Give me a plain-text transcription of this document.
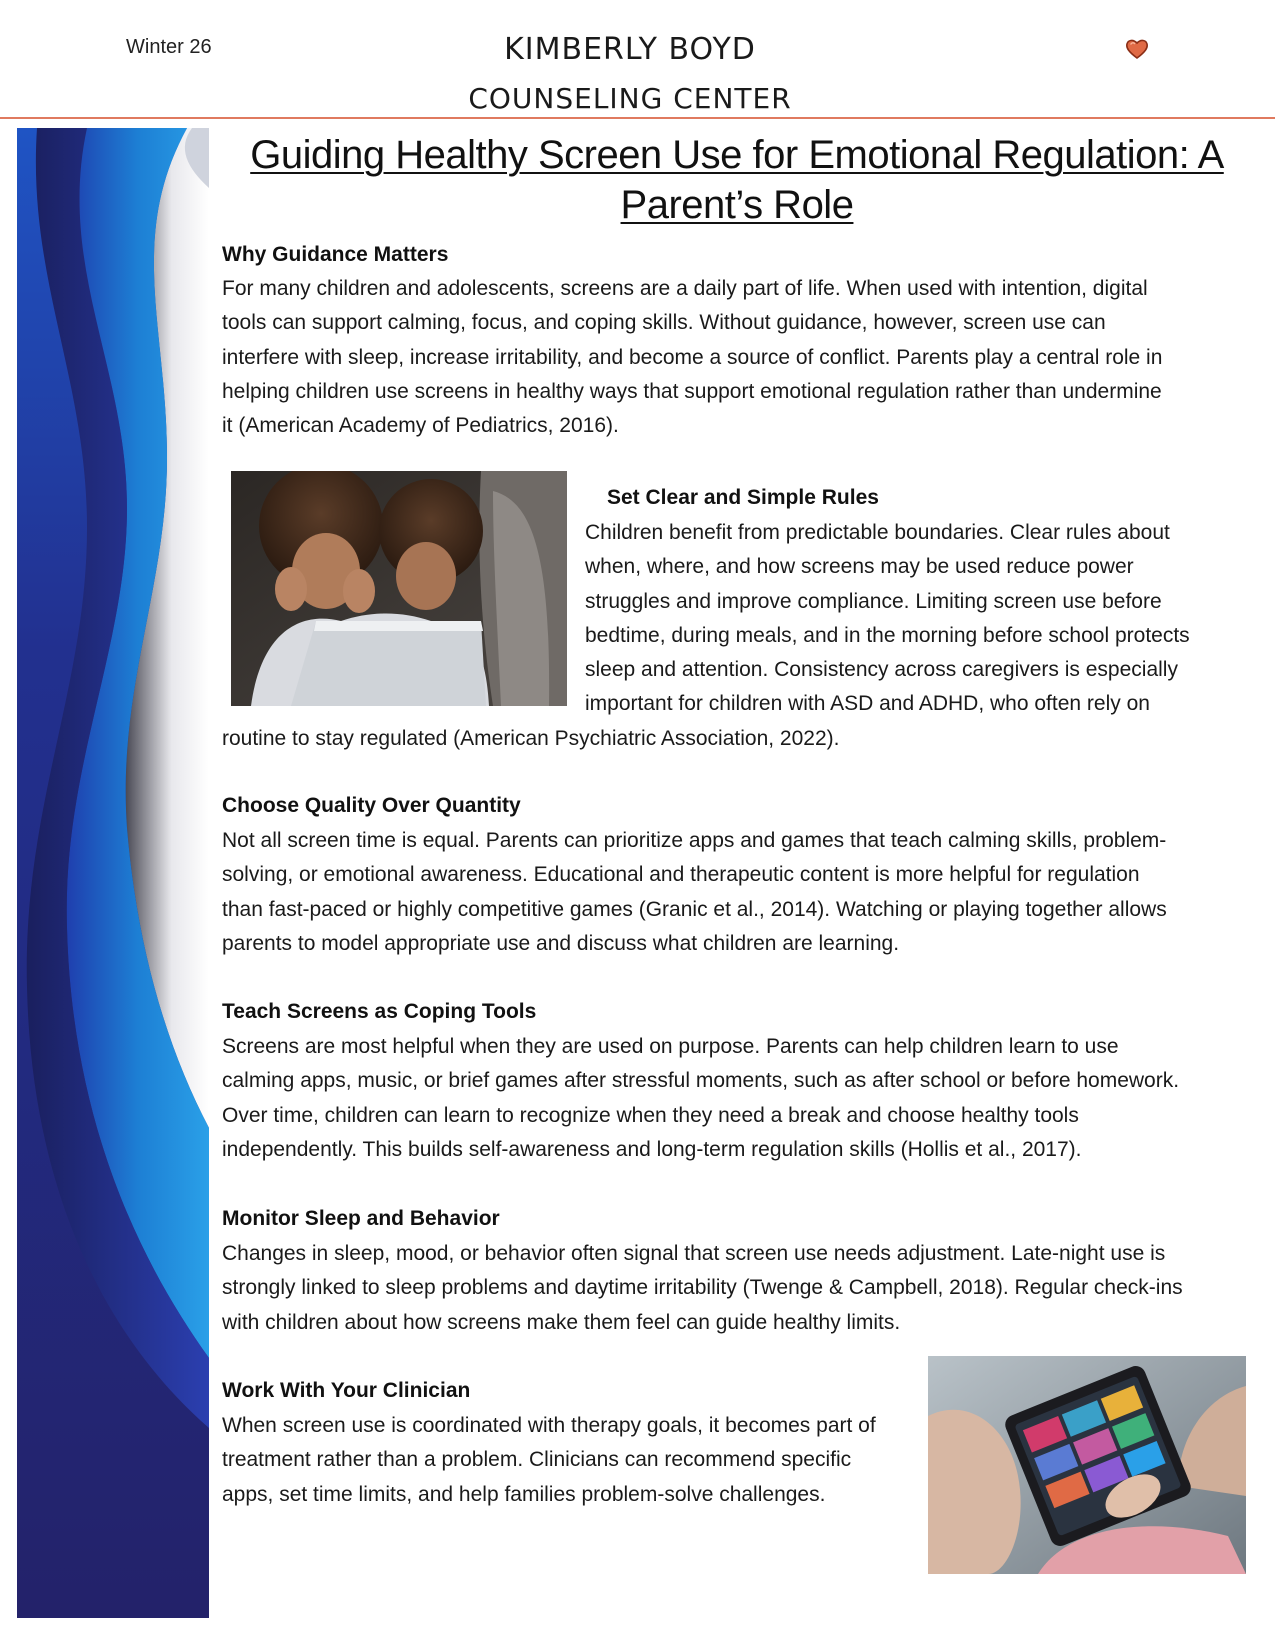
Winter 26	KIMBERLY BOYD
COUNSELING CENTER
Guiding Healthy Screen Use for Emotional Regulation: A
Parent’s Role
Why Guidance Matters
For many children and adolescents, screens are a daily part of life. When used with intention, digital
tools can support calming, focus, and coping skills. Without guidance, however, screen use can
interfere with sleep, increase irritability, and become a source of conflict. Parents play a central role in
helping children use screens in healthy ways that support emotional regulation rather than undermine
it (American Academy of Pediatrics, 2016).
Set Clear and Simple Rules
Children benefit from predictable boundaries. Clear rules about
when, where, and how screens may be used reduce power
struggles and improve compliance. Limiting screen use before
bedtime, during meals, and in the morning before school protects
sleep and attention. Consistency across caregivers is especially
important for children with ASD and ADHD, who often rely on
routine to stay regulated (American Psychiatric Association, 2022).
Choose Quality Over Quantity
Not all screen time is equal. Parents can prioritize apps and games that teach calming skills, problem-
solving, or emotional awareness. Educational and therapeutic content is more helpful for regulation
than fast-paced or highly competitive games (Granic et al., 2014). Watching or playing together allows
parents to model appropriate use and discuss what children are learning.
Teach Screens as Coping Tools
Screens are most helpful when they are used on purpose. Parents can help children learn to use
calming apps, music, or brief games after stressful moments, such as after school or before homework.
Over time, children can learn to recognize when they need a break and choose healthy tools
independently. This builds self-awareness and long-term regulation skills (Hollis et al., 2017).
Monitor Sleep and Behavior
Changes in sleep, mood, or behavior often signal that screen use needs adjustment. Late-night use is
strongly linked to sleep problems and daytime irritability (Twenge & Campbell, 2018). Regular check-ins
with children about how screens make them feel can guide healthy limits.
Work With Your Clinician
When screen use is coordinated with therapy goals, it becomes part of
treatment rather than a problem. Clinicians can recommend specific
apps, set time limits, and help families problem-solve challenges.
